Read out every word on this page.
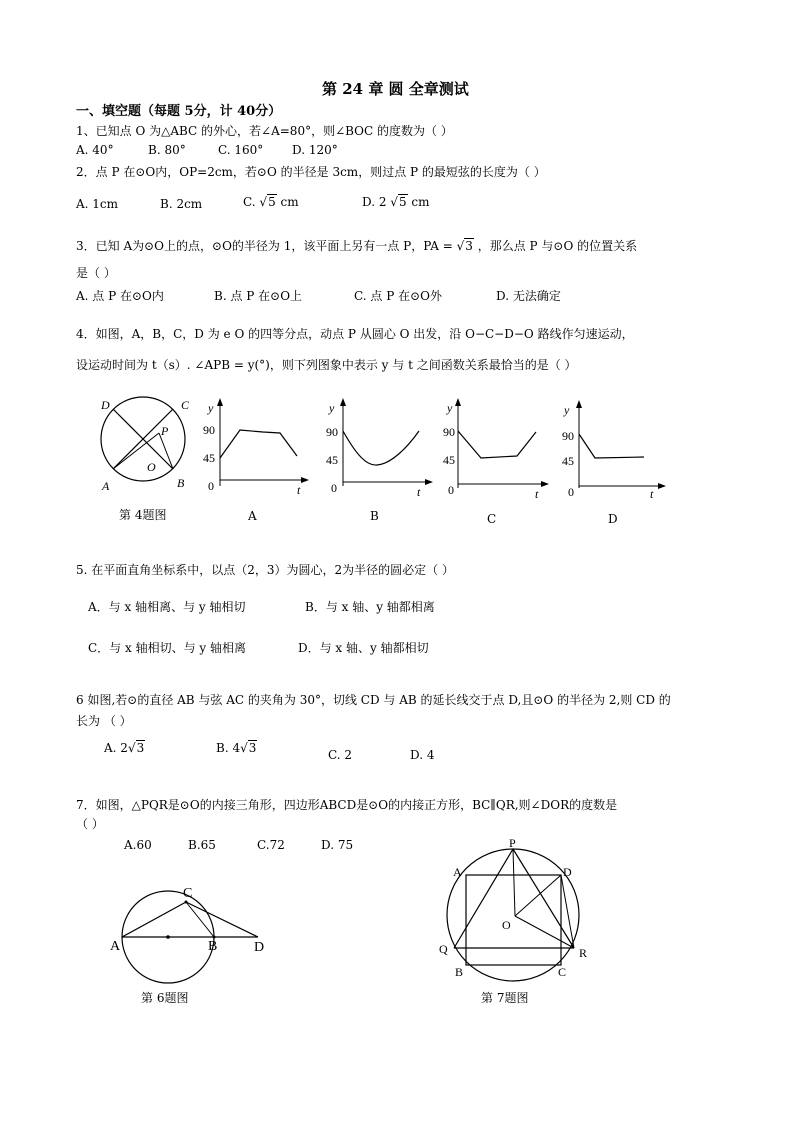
第 24 章 圆 全章测试
一、填空题（每题 5分，计 40分）
1、已知点 O 为△ABC 的外心，若∠A=80°，则∠BOC 的度数为（ ）
A. 40°	B. 80°	C. 160° D. 120°
2．点 P 在⊙O内，OP=2cm，若⊙O 的半径是 3cm，则过点 P 的最短弦的长度为（ ）
A. 1cm	B. 2cm	C. √5 cm	D. 2 √5 cm
3．已知 A为⊙O上的点，⊙O的半径为 1，该平面上另有一点 P，PA = √3 ，那么点 P 与⊙O 的位置关系
是（ ）
A. 点 P 在⊙O内	B. 点 P 在⊙O上	C. 点 P 在⊙O外	D. 无法确定
4．如图，A，B，C，D 为 e O 的四等分点，动点 P 从圆心 O 出发，沿 O−C−D−O 路线作匀速运动，
设运动时间为 t（s）. ∠APB = y(°)，则下列图象中表示 y 与 t 之间函数关系最恰当的是（ ）
D	C
P
O
A	B
第 4题图
y
90
45
0	t
A
y
90
45
0	t
B
y
90
45
0	t
C
y
90
45
0	t
D
5. 在平面直角坐标系中，以点（2，3）为圆心，2为半径的圆必定（ ）
A．与 x 轴相离、与 y 轴相切	B．与 x 轴、y 轴都相离
C．与 x 轴相切、与 y 轴相离	D．与 x 轴、y 轴都相切
6 如图,若⊙的直径 AB 与弦 AC 的夹角为 30°，切线 CD 与 AB 的延长线交于点 D,且⊙O 的半径为 2,则 CD 的
长为 （ ）
A. 2√3	B. 4√3	C. 2	D. 4
7．如图，△PQR是⊙O的内接三角形，四边形ABCD是⊙O的内接正方形，BC∥QR,则∠DOR的度数是
（ ）
A.60	B.65	C.72	D. 75
C
A	B	D
第 6题图
P
A	D
O
Q	R
B	C
第 7题图
